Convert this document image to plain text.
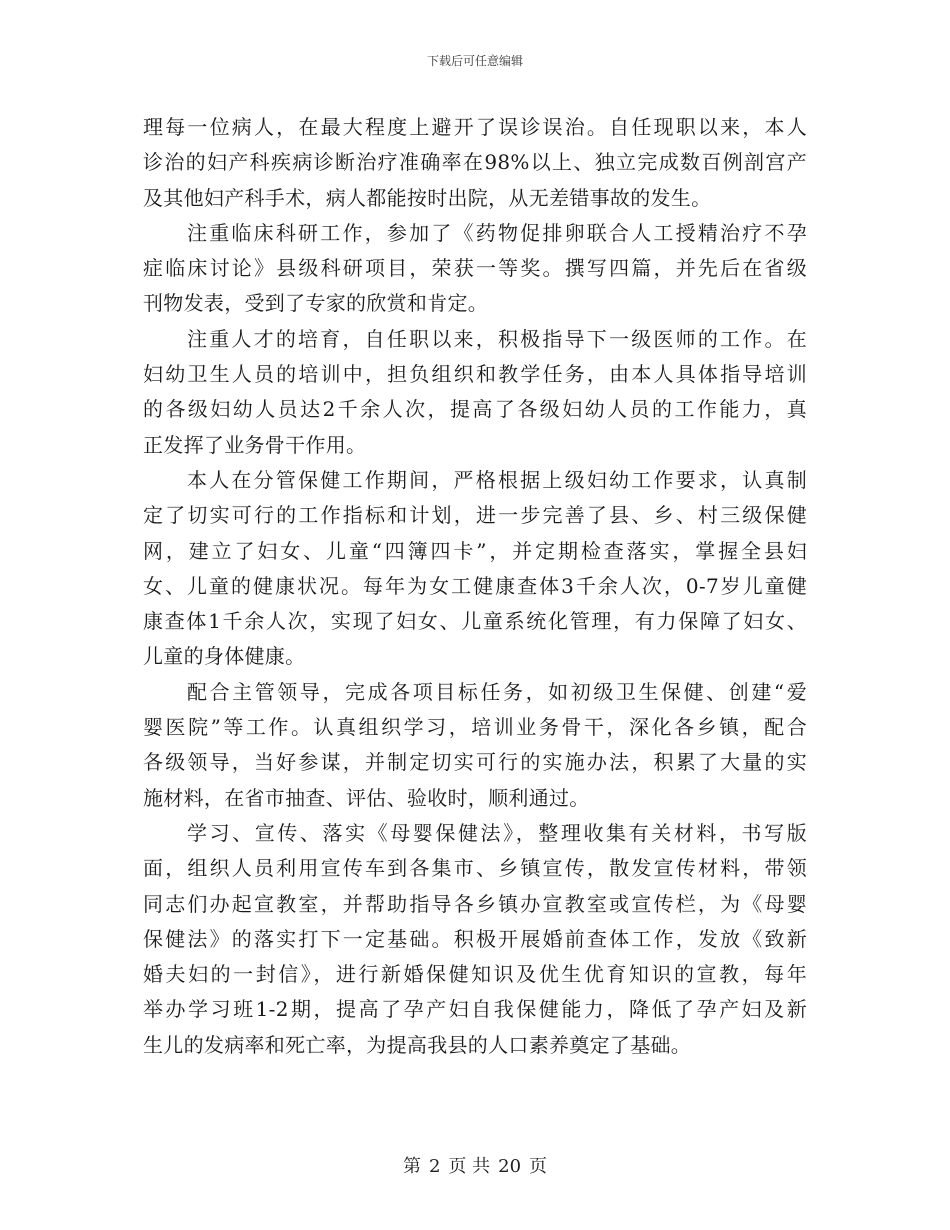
下载后可任意编辑
理每一位病人，在最大程度上避开了误诊误治。自任现职以来，本人
诊治的妇产科疾病诊断治疗准确率在98%以上、独立完成数百例剖宫产
及其他妇产科手术，病人都能按时出院，从无差错事故的发生。
注重临床科研工作，参加了《药物促排卵联合人工授精治疗不孕
症临床讨论》县级科研项目，荣获一等奖。撰写四篇，并先后在省级
刊物发表，受到了专家的欣赏和肯定。
注重人才的培育，自任职以来，积极指导下一级医师的工作。在
妇幼卫生人员的培训中，担负组织和教学任务，由本人具体指导培训
的各级妇幼人员达2千余人次，提高了各级妇幼人员的工作能力，真
正发挥了业务骨干作用。
本人在分管保健工作期间，严格根据上级妇幼工作要求，认真制
定了切实可行的工作指标和计划，进一步完善了县、乡、村三级保健
网，建立了妇女、儿童“四簿四卡”，并定期检查落实，掌握全县妇
女、儿童的健康状况。每年为女工健康查体3千余人次，0-7岁儿童健
康查体1千余人次，实现了妇女、儿童系统化管理，有力保障了妇女、
儿童的身体健康。
配合主管领导，完成各项目标任务，如初级卫生保健、创建“爱
婴医院”等工作。认真组织学习，培训业务骨干，深化各乡镇，配合
各级领导，当好参谋，并制定切实可行的实施办法，积累了大量的实
施材料，在省市抽查、评估、验收时，顺利通过。
学习、宣传、落实《母婴保健法》，整理收集有关材料，书写版
面，组织人员利用宣传车到各集市、乡镇宣传，散发宣传材料，带领
同志们办起宣教室，并帮助指导各乡镇办宣教室或宣传栏，为《母婴
保健法》的落实打下一定基础。积极开展婚前查体工作，发放《致新
婚夫妇的一封信》，进行新婚保健知识及优生优育知识的宣教，每年
举办学习班1-2期，提高了孕产妇自我保健能力，降低了孕产妇及新
生儿的发病率和死亡率，为提高我县的人口素养奠定了基础。
第 2 页 共 20 页
